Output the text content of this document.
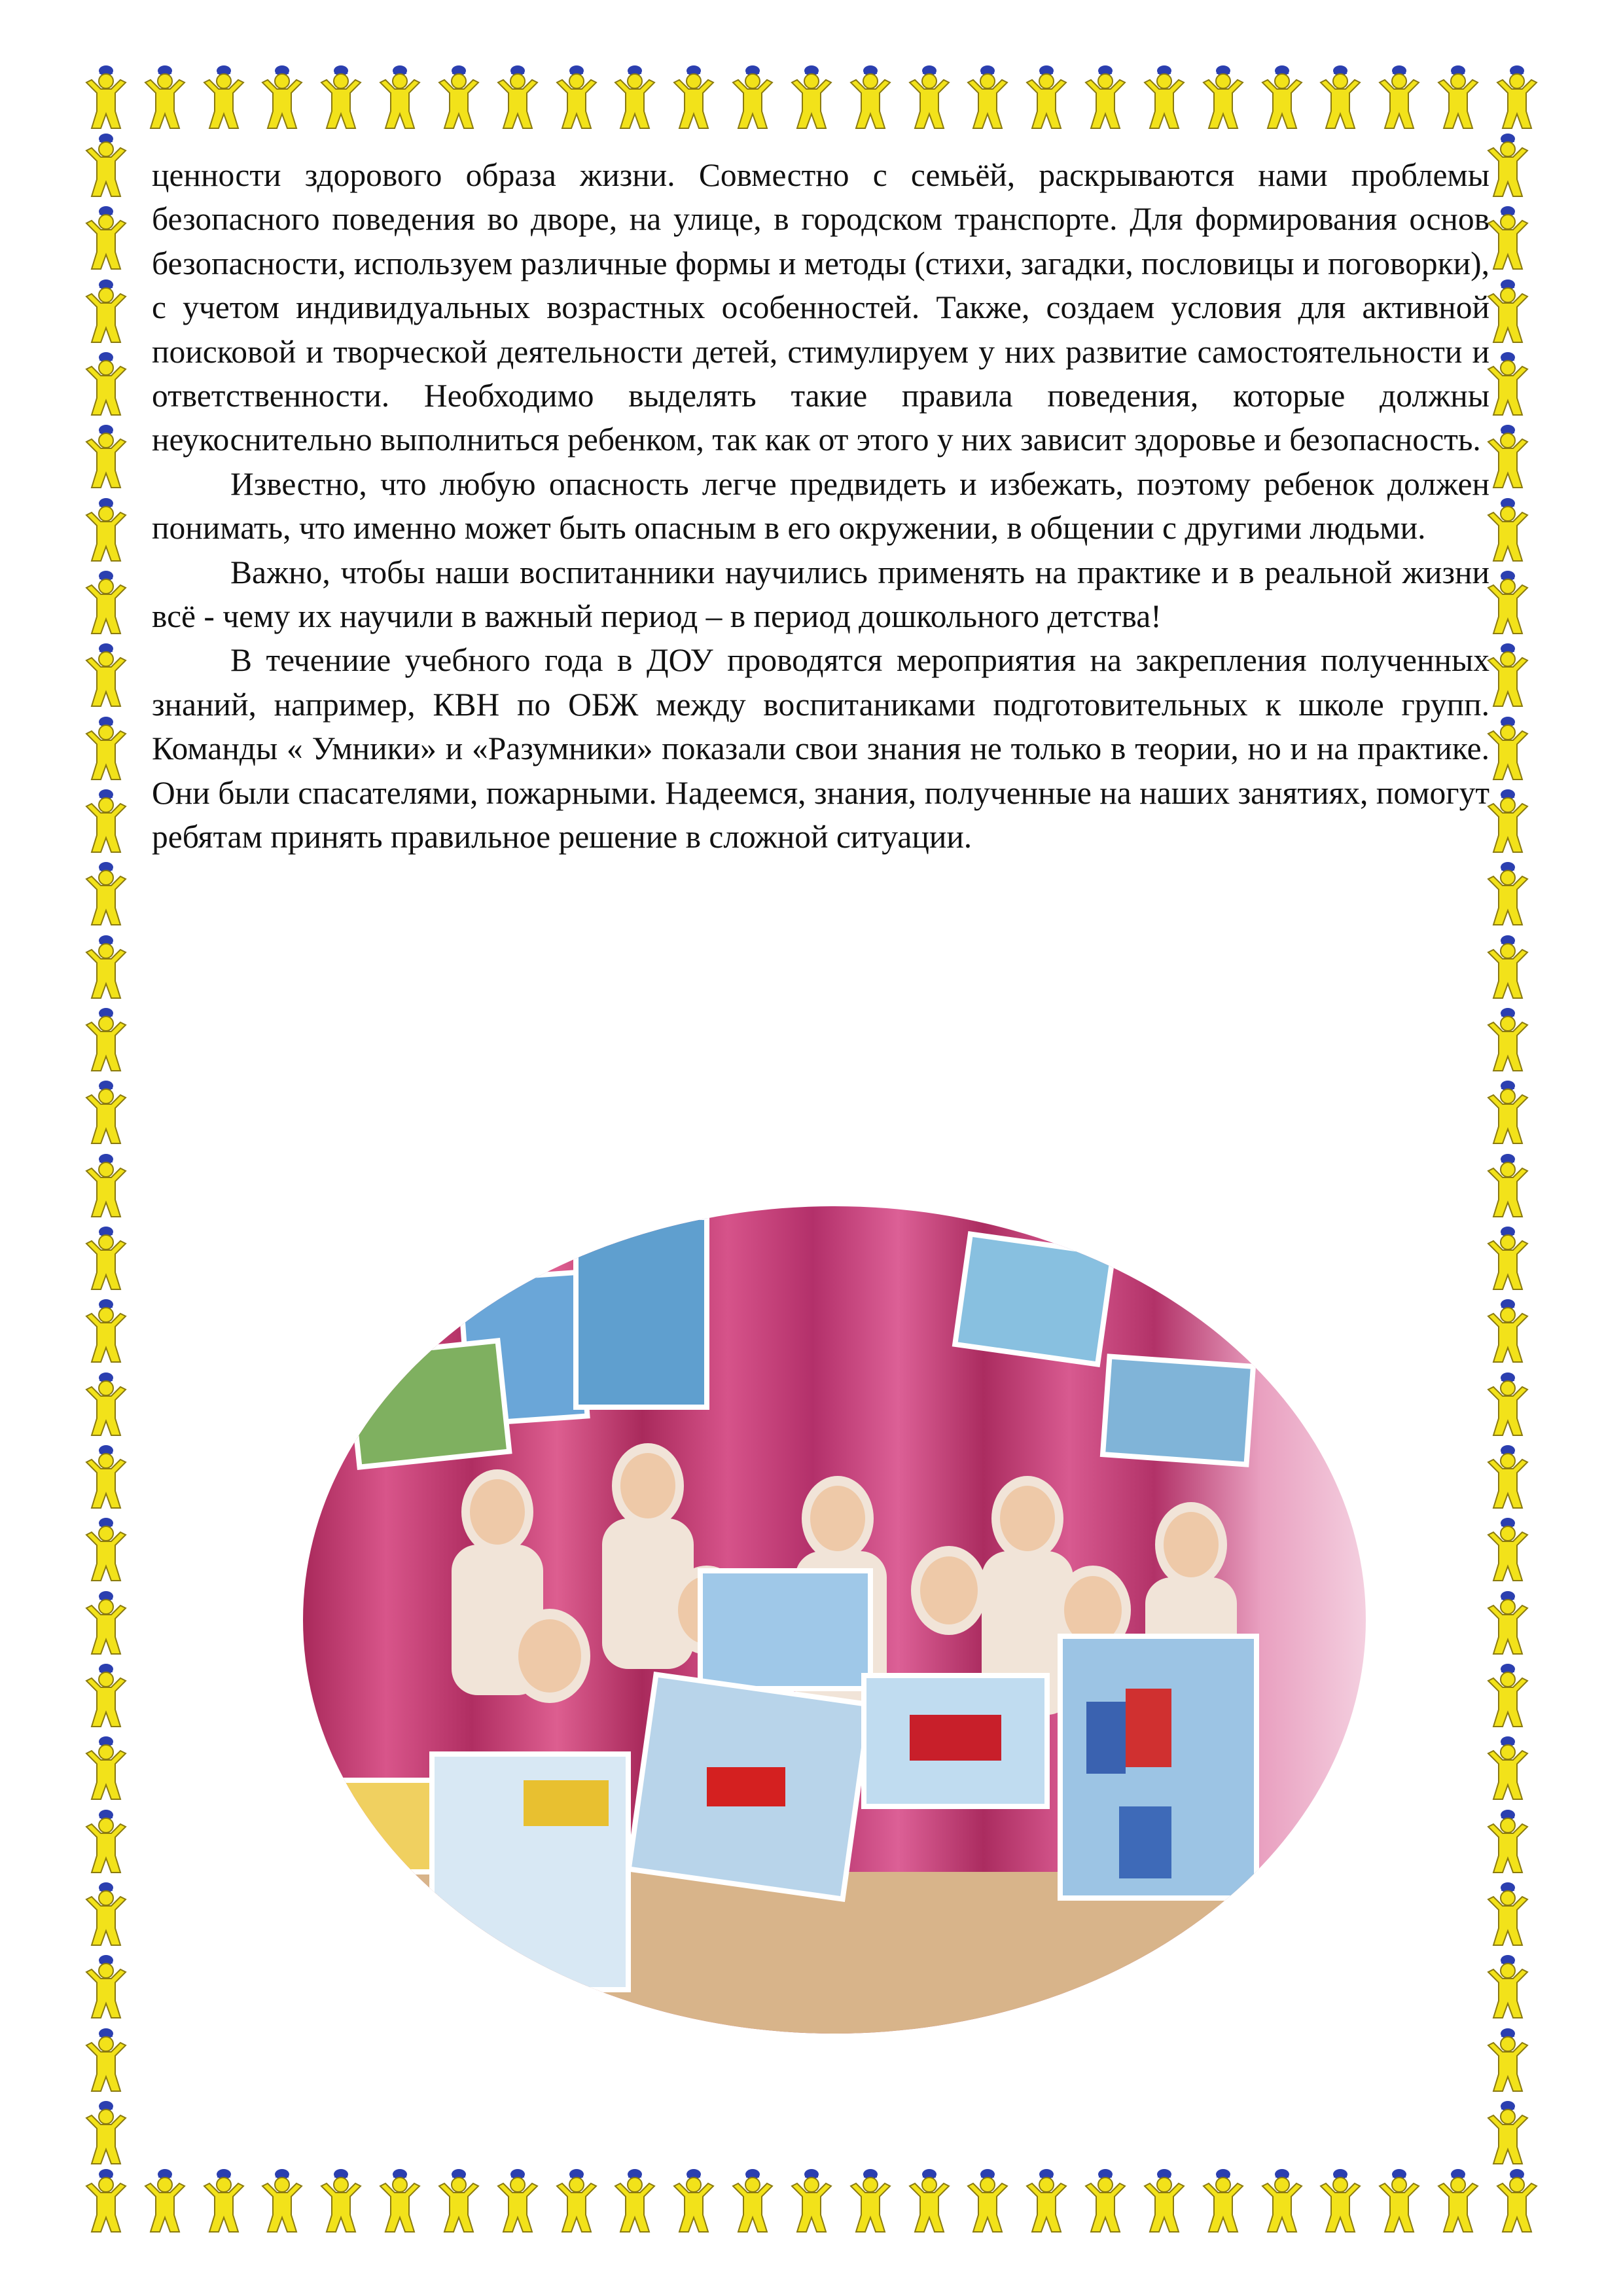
ценности здорового образа жизни. Совместно с семьёй, раскрываются нами проблемы безопасного поведения во дворе, на улице, в городском транспорте. Для формирования основ безопасности, используем различные формы и методы (стихи, загадки, пословицы и поговорки), с учетом индивидуальных возрастных особенностей. Также, создаем условия для активной поисковой и творческой деятельности детей, стимулируем у них развитие самостоятельности и ответственности. Необходимо выделять такие правила поведения, которые должны неукоснительно выполниться ребенком, так как от этого у них зависит здоровье и безопасность.

Известно, что любую опасность легче предвидеть и избежать, поэтому ребенок должен понимать, что именно может быть опасным в его окружении, в общении с другими людьми.

Важно, чтобы наши воспитанники научились применять на практике и в реальной жизни всё - чему их научили в важный период – в период дошкольного детства!

В течениие учебного года в ДОУ проводятся мероприятия на закрепления полученных знаний, например, КВН по ОБЖ между воспитаниками подготовительных к школе групп. Команды « Умники» и «Разумники» показали свои знания не только в теории, но и на практике. Они были спасателями, пожарными. Надеемся, знания, полученные на наших занятиях, помогут ребятам принять правильное решение в сложной ситуации.
